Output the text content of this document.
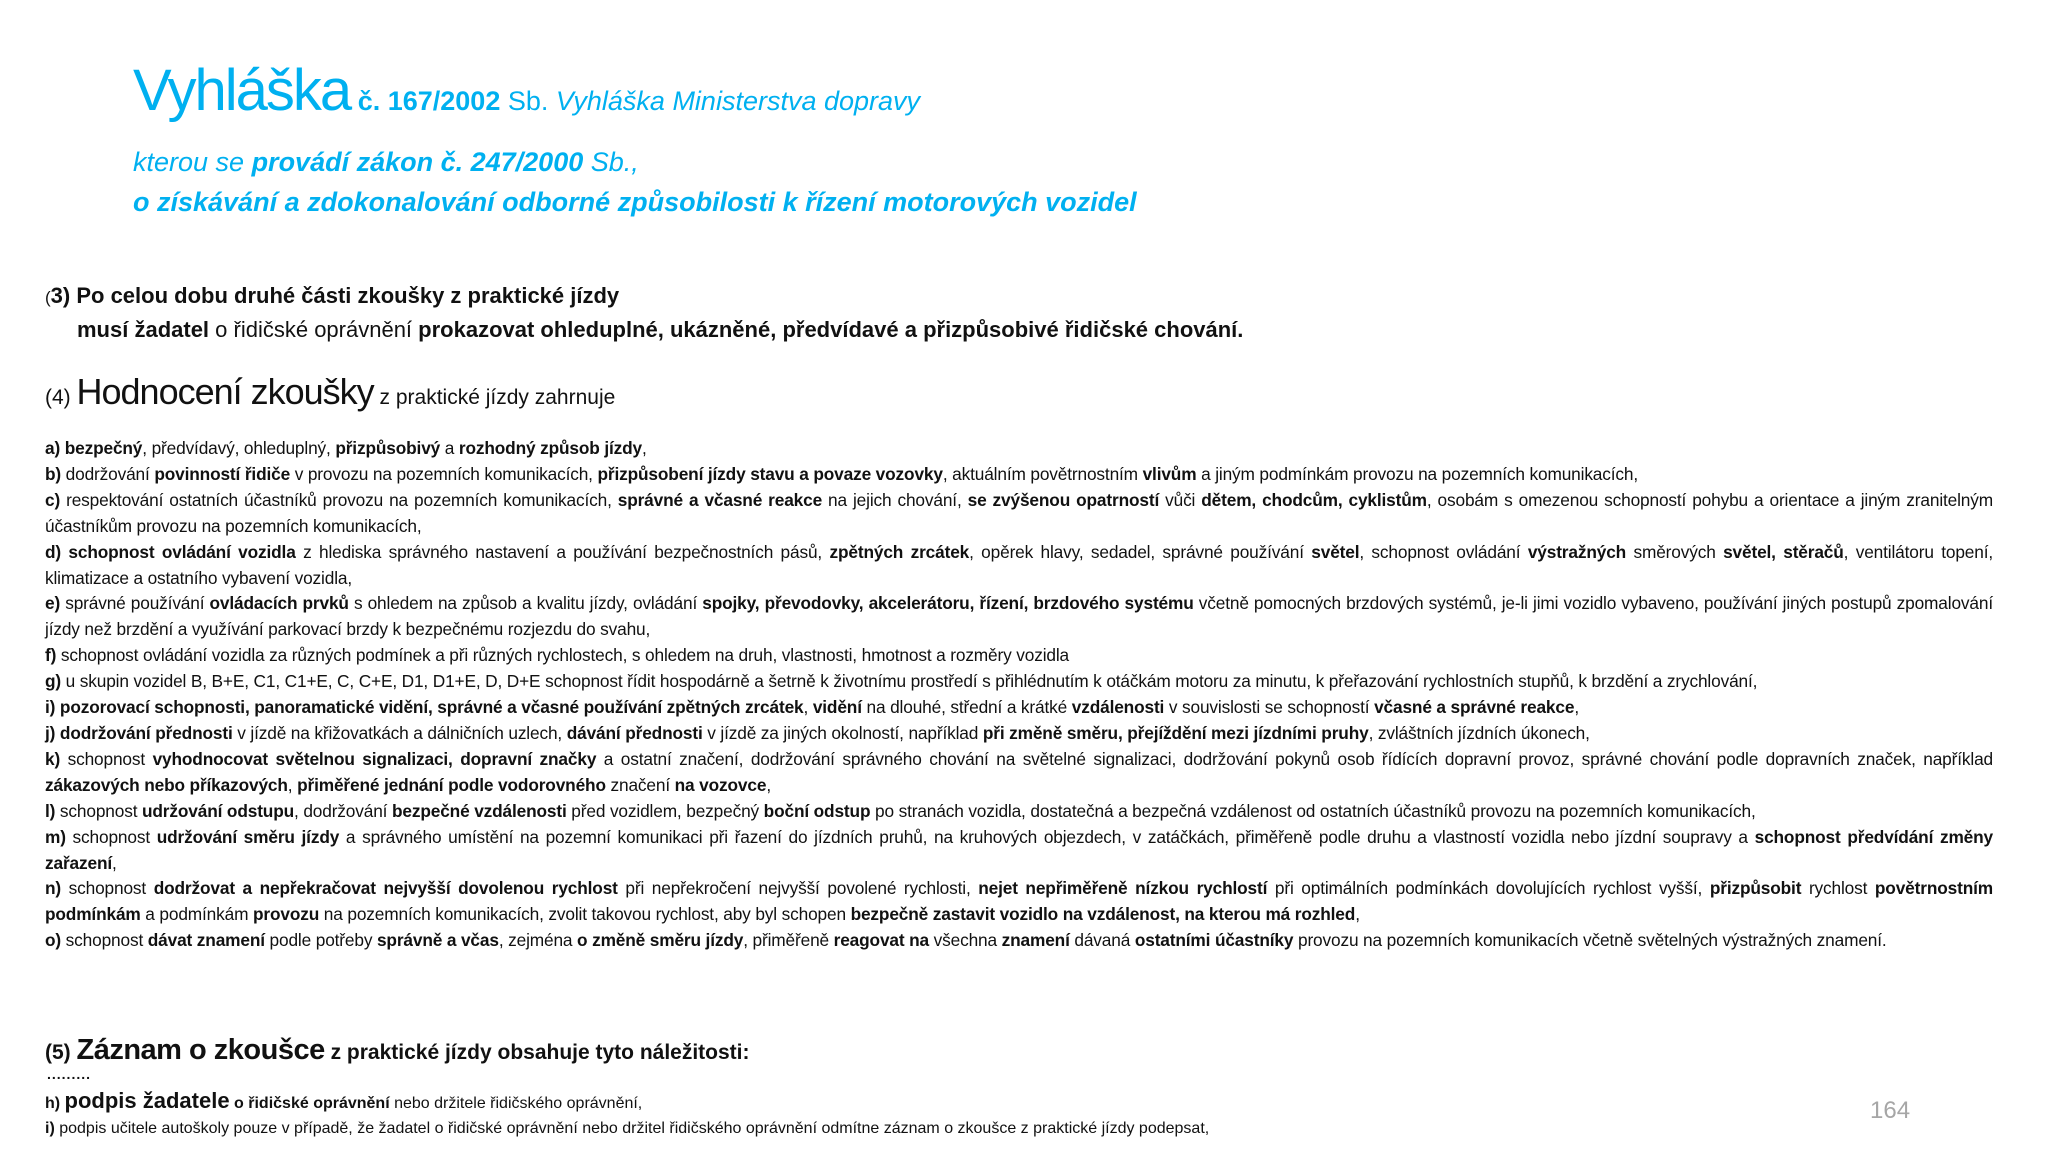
Vyhláška č. 167/2002 Sb. Vyhláška Ministerstva dopravy
kterou se provádí zákon č. 247/2000 Sb.,
o získávání a zdokonalování odborné způsobilosti k řízení motorových vozidel
(3) Po celou dobu druhé části zkoušky z praktické jízdy
musí žadatel o řidičské oprávnění prokazovat ohleduplné, ukázněné, předvídavé a přizpůsobivé řidičské chování.
(4) Hodnocení zkoušky z praktické jízdy zahrnuje

a) bezpečný, předvídavý, ohleduplný, přizpůsobivý a rozhodný způsob jízdy,

b) dodržování povinností řidiče v provozu na pozemních komunikacích, přizpůsobení jízdy stavu a povaze vozovky, aktuálním povětrnostním vlivům a jiným podmínkám provozu na pozemních komunikacích,

c) respektování ostatních účastníků provozu na pozemních komunikacích, správné a včasné reakce na jejich chování, se zvýšenou opatrností vůči dětem, chodcům, cyklistům, osobám s omezenou schopností pohybu a orientace a jiným zranitelným účastníkům provozu na pozemních komunikacích,

d) schopnost ovládání vozidla z hlediska správného nastavení a používání bezpečnostních pásů, zpětných zrcátek, opěrek hlavy, sedadel, správné používání světel, schopnost ovládání výstražných směrových světel, stěračů, ventilátoru topení, klimatizace a ostatního vybavení vozidla,

e) správné používání ovládacích prvků s ohledem na způsob a kvalitu jízdy, ovládání spojky, převodovky, akcelerátoru, řízení, brzdového systému včetně pomocných brzdových systémů, je-li jimi vozidlo vybaveno, používání jiných postupů zpomalování jízdy než brzdění a využívání parkovací brzdy k bezpečnému rozjezdu do svahu,

f) schopnost ovládání vozidla za různých podmínek a při různých rychlostech, s ohledem na druh, vlastnosti, hmotnost a rozměry vozidla

g) u skupin vozidel B, B+E, C1, C1+E, C, C+E, D1, D1+E, D, D+E schopnost řídit hospodárně a šetrně k životnímu prostředí s přihlédnutím k otáčkám motoru za minutu, k přeřazování rychlostních stupňů, k brzdění a zrychlování,

i) pozorovací schopnosti, panoramatické vidění, správné a včasné používání zpětných zrcátek, vidění na dlouhé, střední a krátké vzdálenosti v souvislosti se schopností včasné a správné reakce,

j) dodržování přednosti v jízdě na křižovatkách a dálničních uzlech, dávání přednosti v jízdě za jiných okolností, například při změně směru, přejíždění mezi jízdními pruhy, zvláštních jízdních úkonech,

k) schopnost vyhodnocovat světelnou signalizaci, dopravní značky a ostatní značení, dodržování správného chování na světelné signalizaci, dodržování pokynů osob řídících dopravní provoz, správné chování podle dopravních značek, například zákazových nebo příkazových, přiměřené jednání podle vodorovného značení na vozovce,

l) schopnost udržování odstupu, dodržování bezpečné vzdálenosti před vozidlem, bezpečný boční odstup po stranách vozidla, dostatečná a bezpečná vzdálenost od ostatních účastníků provozu na pozemních komunikacích,

m) schopnost udržování směru jízdy a správného umístění na pozemní komunikaci při řazení do jízdních pruhů, na kruhových objezdech, v zatáčkách, přiměřeně podle druhu a vlastností vozidla nebo jízdní soupravy a schopnost předvídání změny zařazení,

n) schopnost dodržovat a nepřekračovat nejvyšší dovolenou rychlost při nepřekročení nejvyšší povolené rychlosti, nejet nepřiměřeně nízkou rychlostí při optimálních podmínkách dovolujících rychlost vyšší, přizpůsobit rychlost povětrnostním podmínkám a podmínkám provozu na pozemních komunikacích, zvolit takovou rychlost, aby byl schopen bezpečně zastavit vozidlo na vzdálenost, na kterou má rozhled,

o) schopnost dávat znamení podle potřeby správně a včas, zejména o změně směru jízdy, přiměřeně reagovat na všechna znamení dávaná ostatními účastníky provozu na pozemních komunikacích včetně světelných výstražných znamení.

(5) Záznam o zkoušce z praktické jízdy obsahuje tyto náležitosti:
.........
h) podpis žadatele o řidičské oprávnění nebo držitele řidičského oprávnění,
i) podpis učitele autoškoly pouze v případě, že žadatel o řidičské oprávnění nebo držitel řidičského oprávnění odmítne záznam o zkoušce z praktické jízdy podepsat,
164
